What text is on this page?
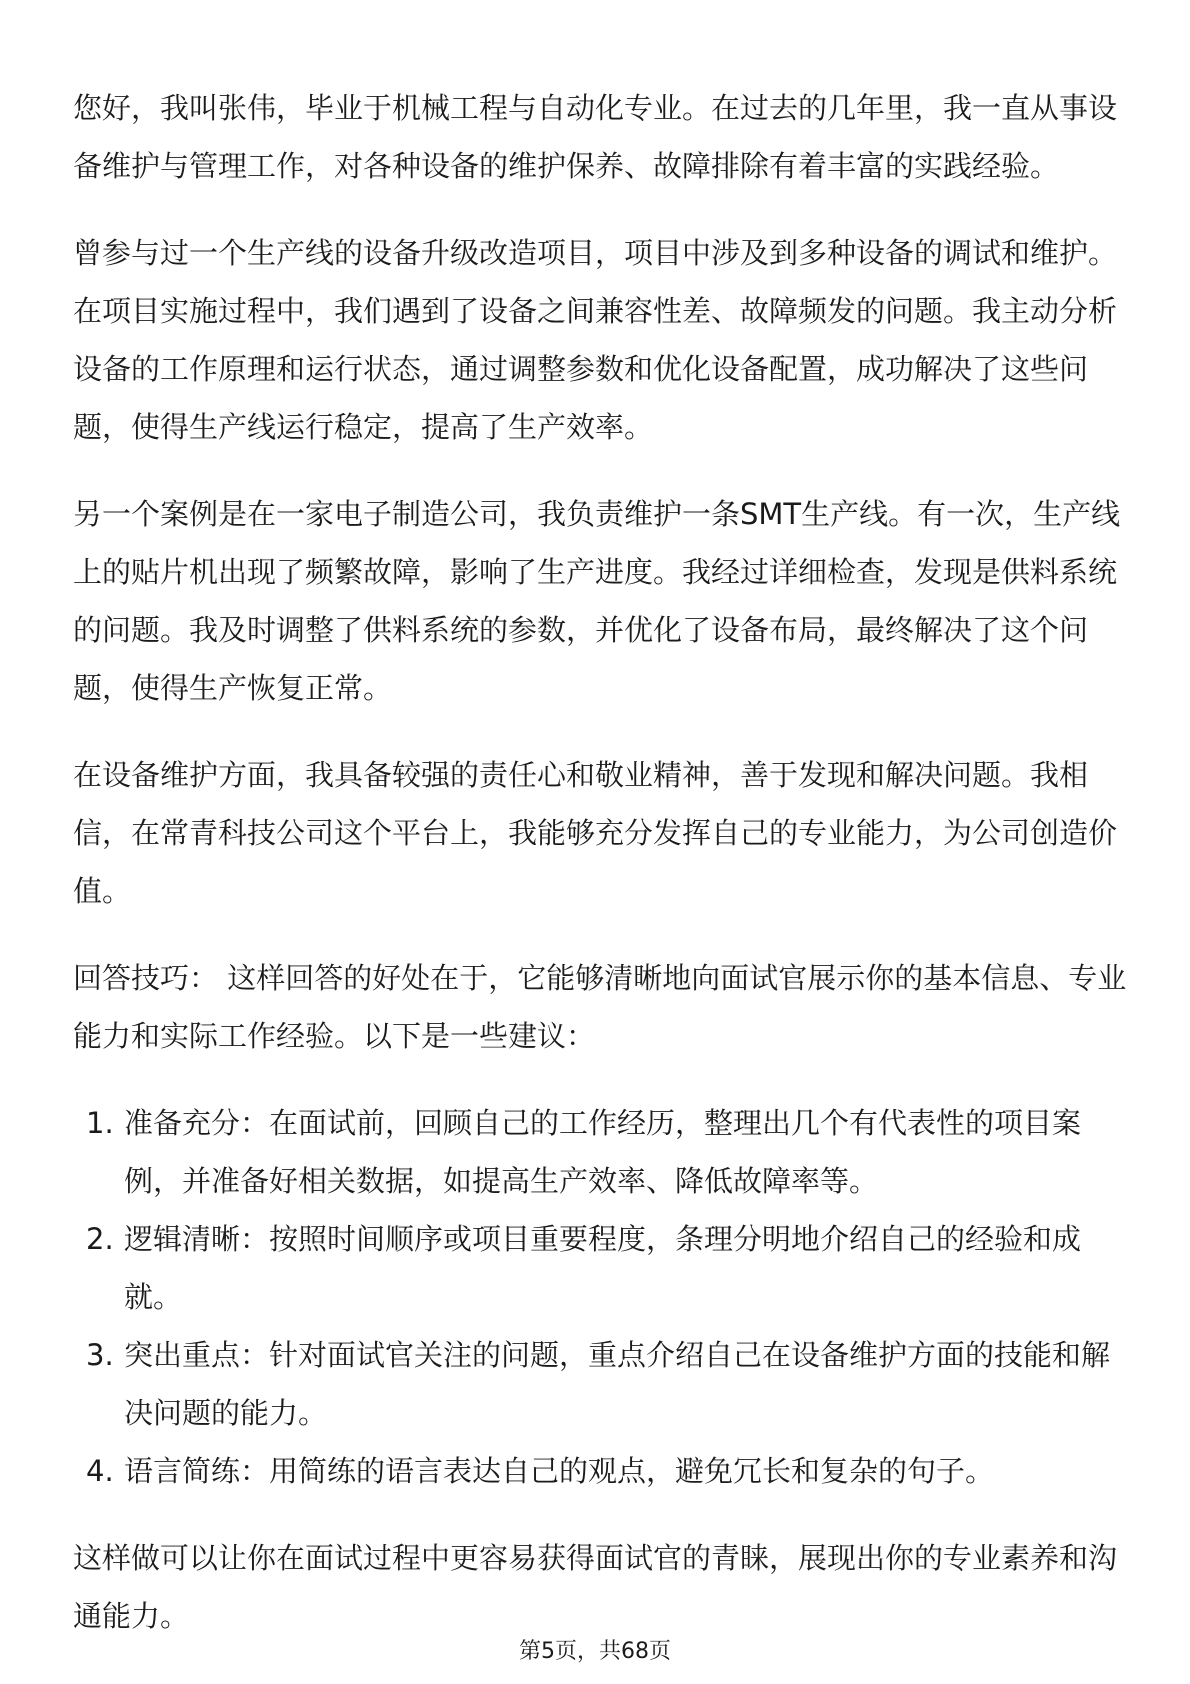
您好，我叫张伟，毕业于机械工程与自动化专业。在过去的几年里，我一直从事设
备维护与管理工作，对各种设备的维护保养、故障排除有着丰富的实践经验。
曾参与过一个生产线的设备升级改造项目，项目中涉及到多种设备的调试和维护。
在项目实施过程中，我们遇到了设备之间兼容性差、故障频发的问题。我主动分析
设备的工作原理和运行状态，通过调整参数和优化设备配置，成功解决了这些问
题，使得生产线运行稳定，提高了生产效率。
另一个案例是在一家电子制造公司，我负责维护一条SMT生产线。有一次，生产线
上的贴片机出现了频繁故障，影响了生产进度。我经过详细检查，发现是供料系统
的问题。我及时调整了供料系统的参数，并优化了设备布局，最终解决了这个问
题，使得生产恢复正常。
在设备维护方面，我具备较强的责任心和敬业精神，善于发现和解决问题。我相
信，在常青科技公司这个平台上，我能够充分发挥自己的专业能力，为公司创造价
值。
回答技巧： 这样回答的好处在于，它能够清晰地向面试官展示你的基本信息、专业
能力和实际工作经验。以下是一些建议：
1. 准备充分：在面试前，回顾自己的工作经历，整理出几个有代表性的项目案
例，并准备好相关数据，如提高生产效率、降低故障率等。
2. 逻辑清晰：按照时间顺序或项目重要程度，条理分明地介绍自己的经验和成
就。
3. 突出重点：针对面试官关注的问题，重点介绍自己在设备维护方面的技能和解
决问题的能力。
4. 语言简练：用简练的语言表达自己的观点，避免冗长和复杂的句子。
这样做可以让你在面试过程中更容易获得面试官的青睐，展现出你的专业素养和沟
通能力。
第5页，共68页
